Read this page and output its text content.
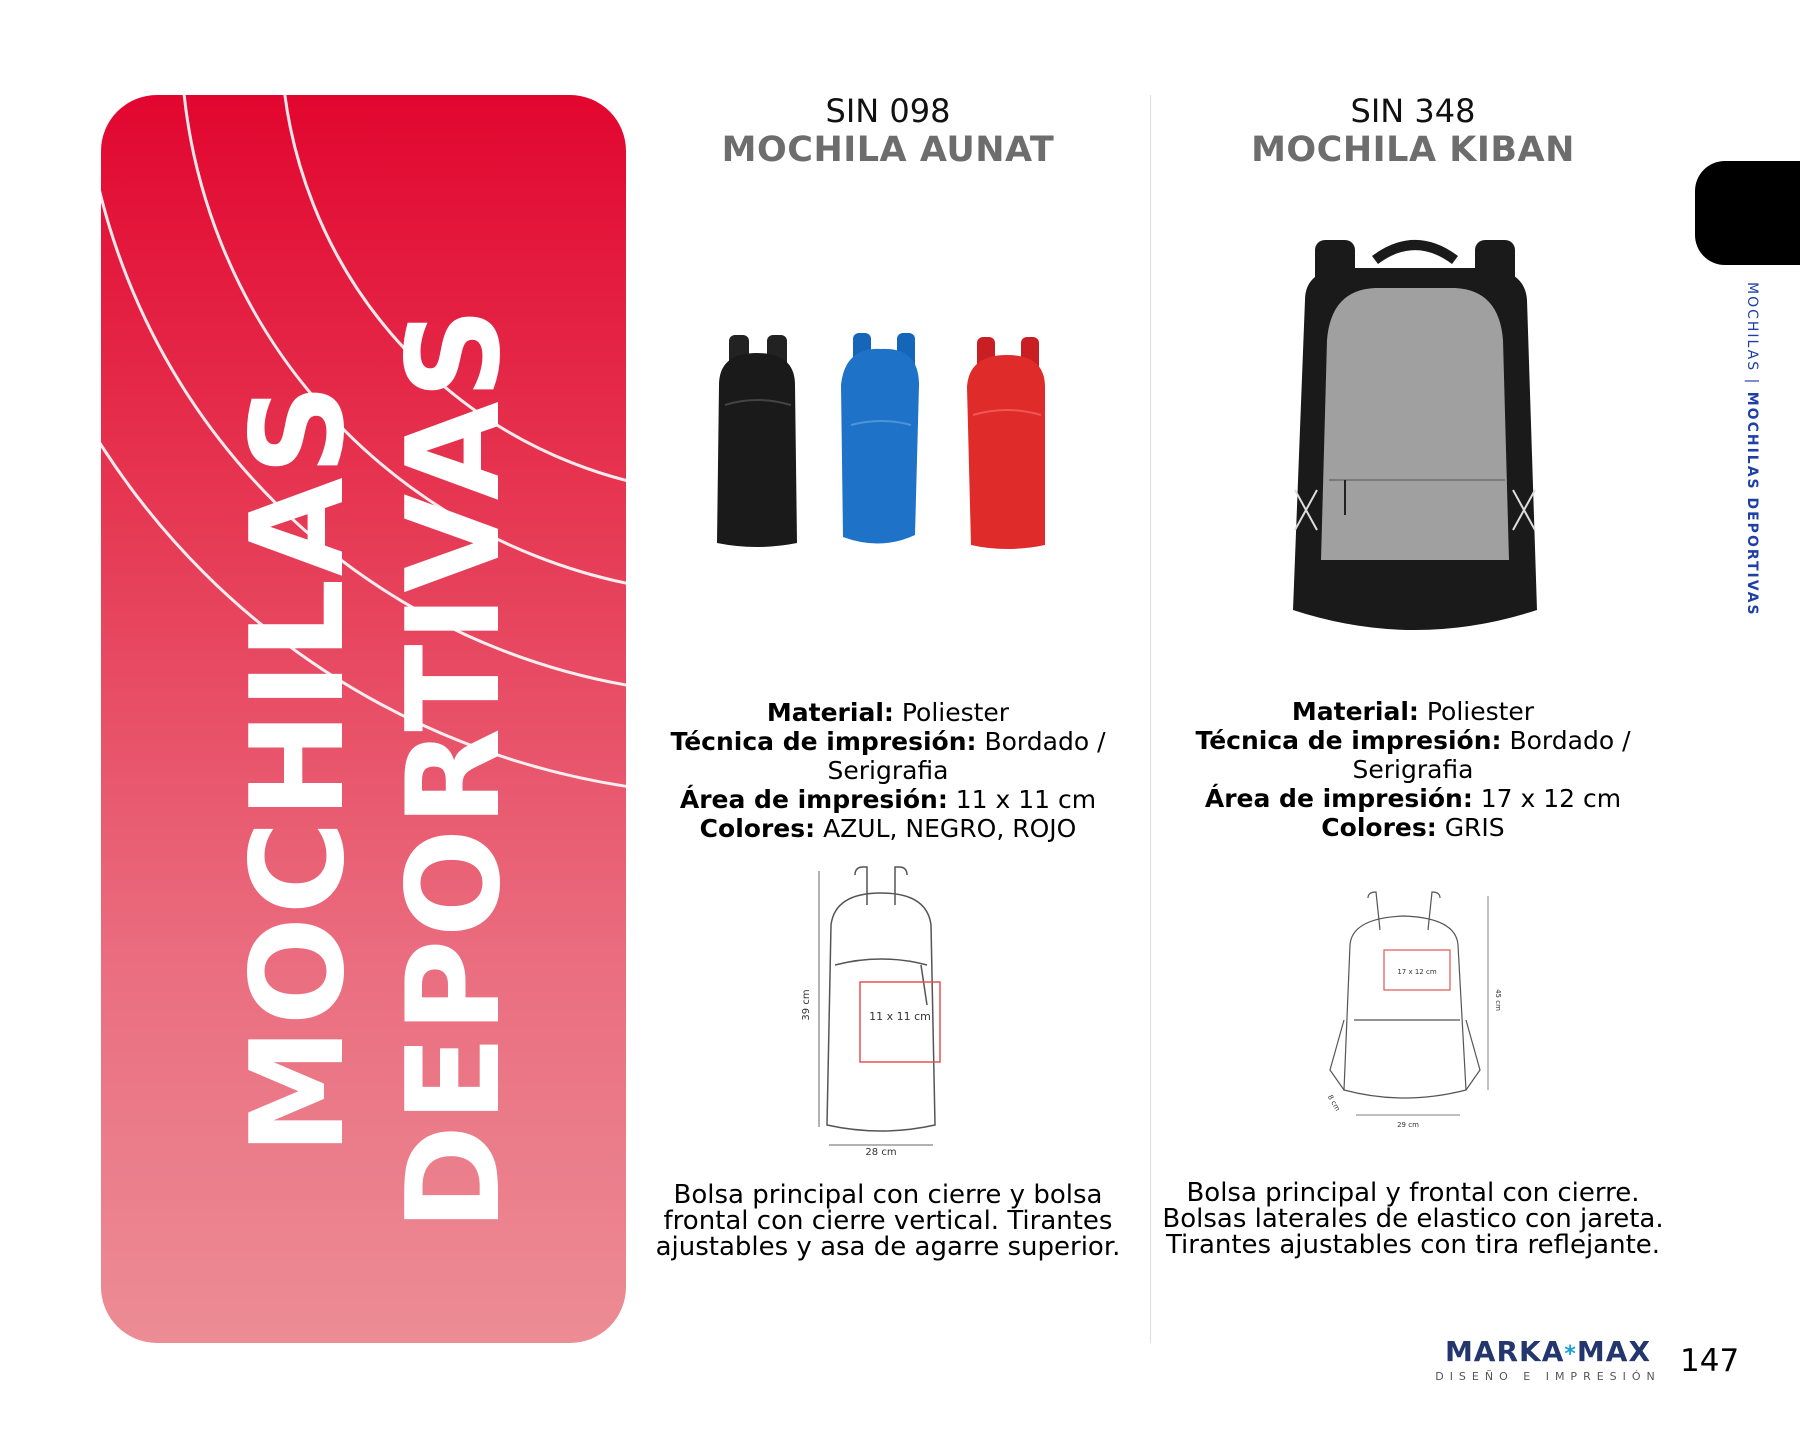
MOCHILAS DEPORTIVAS
SIN 098
MOCHILA AUNAT
Material: Poliester
Técnica de impresión: Bordado / Serigrafia
Área de impresión: 11 x 11 cm
Colores: AZUL, NEGRO, ROJO
11 x 11 cm
39 cm
28 cm
Bolsa principal con cierre y bolsa frontal con cierre vertical. Tirantes ajustables y asa de agarre superior.
SIN 348
MOCHILA KIBAN
Material: Poliester
Técnica de impresión: Bordado / Serigrafia
Área de impresión: 17 x 12 cm
Colores: GRIS
17 x 12 cm
45 cm
29 cm
8 cm
Bolsa principal y frontal con cierre. Bolsas laterales de elastico con jareta. Tirantes ajustables con tira reflejante.
MOCHILAS | MOCHILAS DEPORTIVAS
MARKA*MAX
DISEÑO E IMPRESIÓN 147
